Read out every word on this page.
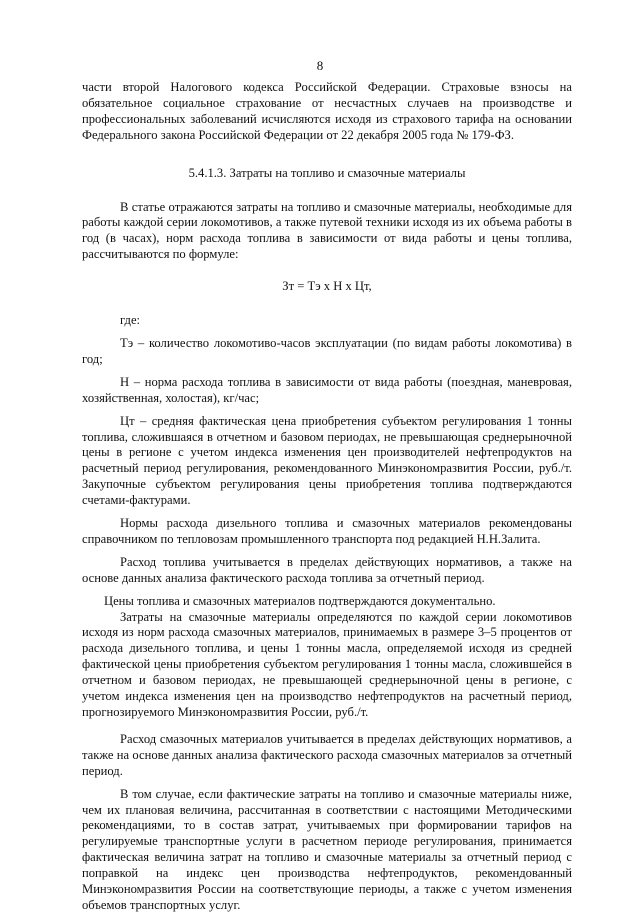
8

части второй Налогового кодекса Российской Федерации. Страховые взносы на обязательное социальное страхование от несчастных случаев на производстве и профессиональных заболеваний исчисляются исходя из страхового тарифа на основании Федерального закона Российской Федерации от 22 декабря 2005 года № 179-ФЗ.

5.4.1.3. Затраты на топливо и смазочные материалы

В статье отражаются затраты на топливо и смазочные материалы, необходимые для работы каждой серии локомотивов, а также путевой техники исходя из их объема работы в год (в часах), норм расхода топлива в зависимости от вида работы и цены топлива, рассчитываются по формуле:

Зт = Тэ х Н х Цт,

где:

Тэ – количество локомотиво-часов эксплуатации (по видам работы локомотива) в год;

Н – норма расхода топлива в зависимости от вида работы (поездная, маневровая, хозяйственная, холостая), кг/час;

Цт – средняя фактическая цена приобретения субъектом регулирования 1 тонны топлива, сложившаяся в отчетном и базовом периодах, не превышающая среднерыночной цены в регионе с учетом индекса изменения цен производителей нефтепродуктов на расчетный период регулирования, рекомендованного Минэкономразвития России, руб./т. Закупочные субъектом регулирования цены приобретения топлива подтверждаются счетами-фактурами.

Нормы расхода дизельного топлива и смазочных материалов рекомендованы справочником по тепловозам промышленного транспорта под редакцией Н.Н.Залита.

Расход топлива учитывается в пределах действующих нормативов, а также на основе данных анализа фактического расхода топлива за отчетный период.

Цены топлива и смазочных материалов подтверждаются документально.

Затраты на смазочные материалы определяются по каждой серии локомотивов исходя из норм расхода смазочных материалов, принимаемых в размере 3–5 процентов от расхода дизельного топлива, и цены 1 тонны масла, определяемой исходя из средней фактической цены приобретения субъектом регулирования 1 тонны масла, сложившейся в отчетном и базовом периодах, не превышающей среднерыночной цены в регионе, с учетом индекса изменения цен на производство нефтепродуктов на расчетный период, прогнозируемого Минэкономразвития России, руб./т.

Расход смазочных материалов учитывается в пределах действующих нормативов, а также на основе данных анализа фактического расхода смазочных материалов за отчетный период.

В том случае, если фактические затраты на топливо и смазочные материалы ниже, чем их плановая величина, рассчитанная в соответствии с настоящими Методическими рекомендациями, то в состав затрат, учитываемых при формировании тарифов на регулируемые транспортные услуги в расчетном периоде регулирования, принимается фактическая величина затрат на топливо и смазочные материалы за отчетный период с поправкой на индекс цен производства нефтепродуктов, рекомендованный Минэкономразвития России на соответствующие периоды, а также с учетом изменения объемов транспортных услуг.
